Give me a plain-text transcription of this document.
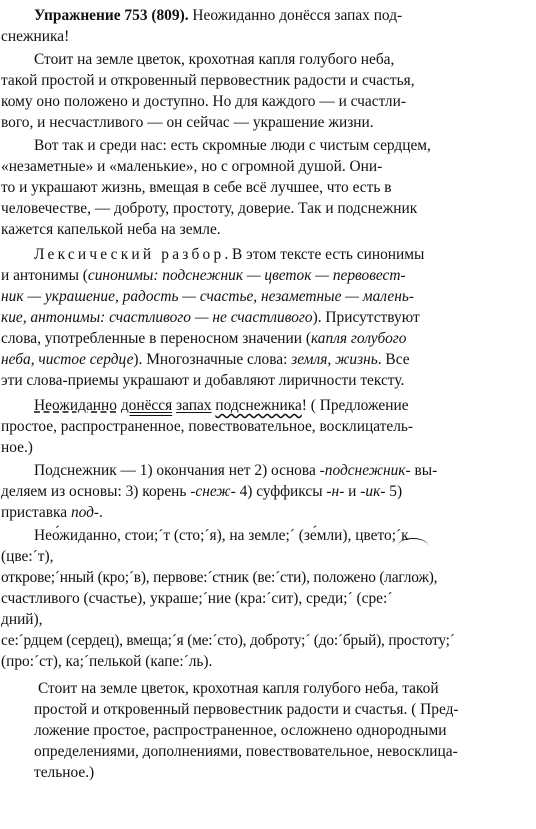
Упражнение 753 (809). Неожиданно донёсся запах под-
снежника!
Стоит на земле цветок, крохотная капля голубого неба,
такой простой и откровенный первовестник радости и счастья,
кому оно положено и доступно. Но для каждого — и счастли-
вого, и несчастливого — он сейчас — украшение жизни.
Вот так и среди нас: есть скромные люди с чистым сердцем,
«незаметные» и «маленькие», но с огромной душой. Они-
то и украшают жизнь, вмещая в себе всё лучшее, что есть в
человечестве, — доброту, простоту, доверие. Так и подснежник
кажется капелькой неба на земле.
Лексический разбор. В этом тексте есть синонимы
и антонимы (синонимы: подснежник — цветок — первовест-
ник — украшение, радость — счастье, незаметные — малень-
кие, антонимы: счастливого — не счастливого). Присутствуют
слова, употребленные в переносном значении (капля голубого
неба, чистое сердце). Многозначные слова: земля, жизнь. Все
эти слова-приемы украшают и добавляют лиричности тексту.
Неожиданно донёсся запах подснежника! ( Предложение
простое, распространенное, повествовательное, восклицатель-
ное.)
Подснежник — 1) окончания нет 2) основа -подснежник- вы-
деляем из основы: 3) корень -снеж- 4) суффиксы -н- и -ик- 5)
приставка под-.
Нео́жиданно, стои;´т (сто;´я), на земле;´ (зе́мли), цвето;´к
(цве:´т),
открове;´нный (кро;´в), первове:´стник (ве:´сти), положено (лаглож),
счастливого (счастье), украше;´ние (кра:´сит), среди;´ (сре:´
дний),
се:´рдцем (сердец), вмеща;´я (ме:´сто), доброту;´ (до:´брый), простоту;´
(про:´ст), ка;´пелькой (капе:´ль).
Стоит на земле цветок, крохотная капля голубого неба, такой
простой и откровенный первовестник радости и счастья. ( Пред-
ложение простое, распространенное, осложнено однородными
определениями, дополнениями, повествовательное, невосклица-
тельное.)
